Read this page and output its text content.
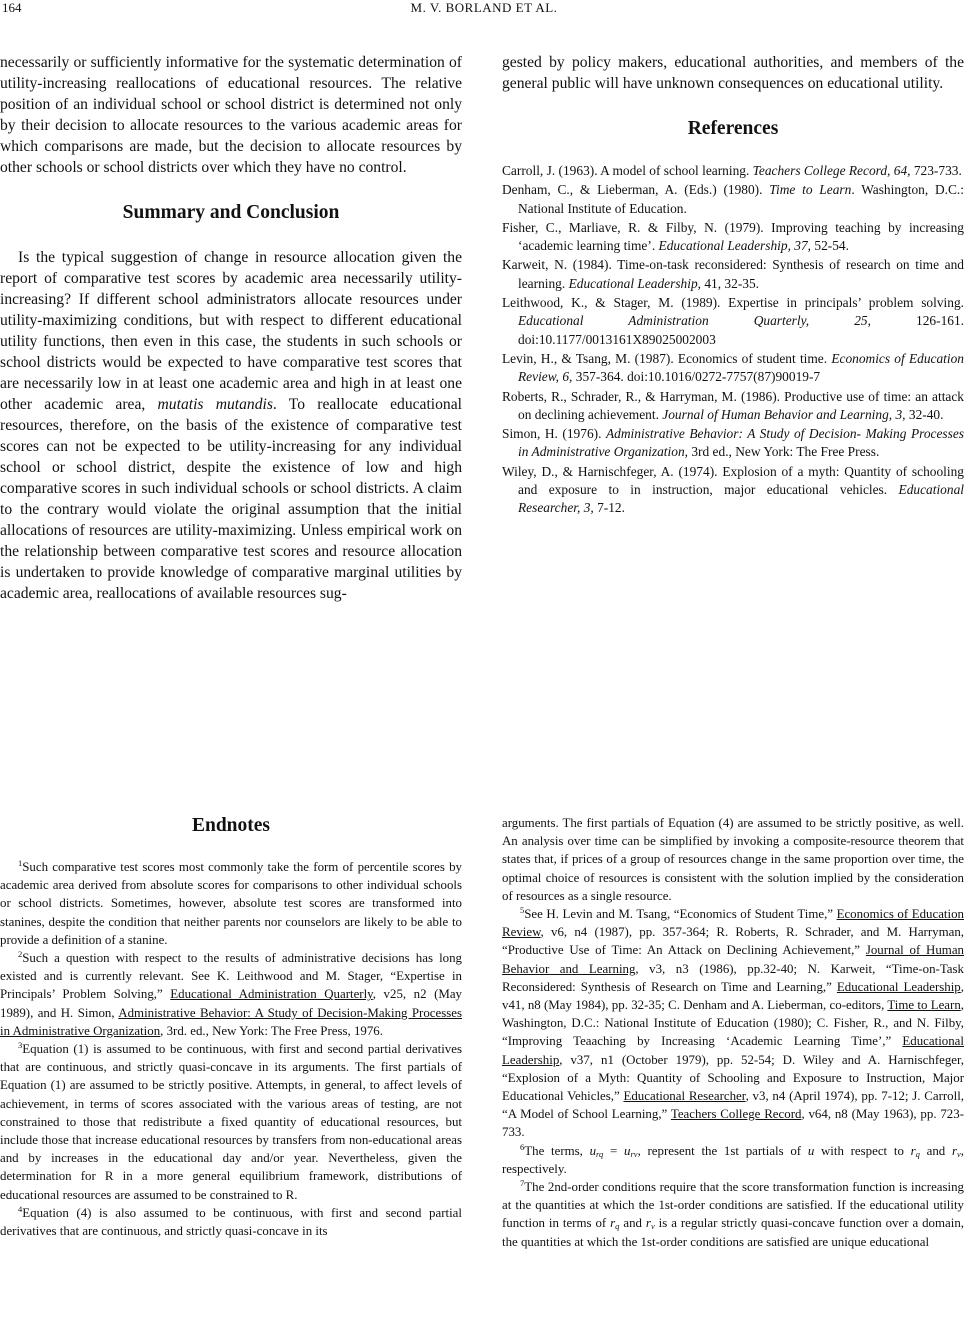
164	M. V. BORLAND ET AL.

necessarily or sufficiently informative for the systematic determination of utility-increasing reallocations of educational resources. The relative position of an individual school or school district is determined not only by their decision to allocate resources to the various academic areas for which comparisons are made, but the decision to allocate resources by other schools or school districts over which they have no control.

Summary and Conclusion

Is the typical suggestion of change in resource allocation given the report of comparative test scores by academic area necessarily utility-increasing? If different school administrators allocate resources under utility-maximizing conditions, but with respect to different educational utility functions, then even in this case, the students in such schools or school districts would be expected to have comparative test scores that are necessarily low in at least one academic area and high in at least one other academic area, mutatis mutandis. To reallocate educational resources, therefore, on the basis of the existence of comparative test scores can not be expected to be utility-increasing for any individual school or school district, despite the existence of low and high comparative scores in such individual schools or school districts. A claim to the contrary would violate the original assumption that the initial allocations of resources are utility-maximizing. Unless empirical work on the relationship between comparative test scores and resource allocation is undertaken to provide knowledge of comparative marginal utilities by academic area, reallocations of available resources sug-

gested by policy makers, educational authorities, and members of the general public will have unknown consequences on educational utility.

References

Carroll, J. (1963). A model of school learning. Teachers College Record, 64, 723-733.

Denham, C., & Lieberman, A. (Eds.) (1980). Time to Learn. Washington, D.C.: National Institute of Education.

Fisher, C., Marliave, R. & Filby, N. (1979). Improving teaching by increasing ‘academic learning time’. Educational Leadership, 37, 52-54.

Karweit, N. (1984). Time-on-task reconsidered: Synthesis of research on time and learning. Educational Leadership, 41, 32-35.

Leithwood, K., & Stager, M. (1989). Expertise in principals’ problem solving. Educational Administration Quarterly, 25, 126-161. doi:10.1177/0013161X89025002003

Levin, H., & Tsang, M. (1987). Economics of student time. Economics of Education Review, 6, 357-364. doi:10.1016/0272-7757(87)90019-7

Roberts, R., Schrader, R., & Harryman, M. (1986). Productive use of time: an attack on declining achievement. Journal of Human Behavior and Learning, 3, 32-40.

Simon, H. (1976). Administrative Behavior: A Study of Decision- Making Processes in Administrative Organization, 3rd ed., New York: The Free Press.

Wiley, D., & Harnischfeger, A. (1974). Explosion of a myth: Quantity of schooling and exposure to in instruction, major educational vehicles. Educational Researcher, 3, 7-12.

Endnotes

$^1$Such comparative test scores most commonly take the form of percentile scores by academic area derived from absolute scores for comparisons to other individual schools or school districts. Sometimes, however, absolute test scores are transformed into stanines, despite the condition that neither parents nor counselors are likely to be able to provide a definition of a stanine.

$^2$Such a question with respect to the results of administrative decisions has long existed and is currently relevant. See K. Leithwood and M. Stager, “Expertise in Principals’ Problem Solving,” Educational Administration Quarterly, v25, n2 (May 1989), and H. Simon, Administrative Behavior: A Study of Decision-Making Processes in Administrative Organization, 3rd. ed., New York: The Free Press, 1976.

$^3$Equation (1) is assumed to be continuous, with first and second partial derivatives that are continuous, and strictly quasi-concave in its arguments. The first partials of Equation (1) are assumed to be strictly positive. Attempts, in general, to affect levels of achievement, in terms of scores associated with the various areas of testing, are not constrained to those that redistribute a fixed quantity of educational resources, but include those that increase educational resources by transfers from non-educational areas and by increases in the educational day and/or year. Nevertheless, given the determination for R in a more general equilibrium framework, distributions of educational resources are assumed to be constrained to R.

$^4$Equation (4) is also assumed to be continuous, with first and second partial derivatives that are continuous, and strictly quasi-concave in its

arguments. The first partials of Equation (4) are assumed to be strictly positive, as well. An analysis over time can be simplified by invoking a composite-resource theorem that states that, if prices of a group of resources change in the same proportion over time, the optimal choice of resources is consistent with the solution implied by the consideration of resources as a single resource.

$^5$See H. Levin and M. Tsang, “Economics of Student Time,” Economics of Education Review, v6, n4 (1987), pp. 357-364; R. Roberts, R. Schrader, and M. Harryman, “Productive Use of Time: An Attack on Declining Achievement,” Journal of Human Behavior and Learning, v3, n3 (1986), pp.32-40; N. Karweit, “Time-on-Task Reconsidered: Synthesis of Research on Time and Learning,” Educational Leadership, v41, n8 (May 1984), pp. 32-35; C. Denham and A. Lieberman, co-editors, Time to Learn, Washington, D.C.: National Institute of Education (1980); C. Fisher, R., and N. Filby, “Improving Teaaching by Increasing ‘Academic Learning Time’,” Educational Leadership, v37, n1 (October 1979), pp. 52-54; D. Wiley and A. Harnischfeger, “Explosion of a Myth: Quantity of Schooling and Exposure to Instruction, Major Educational Vehicles,” Educational Researcher, v3, n4 (April 1974), pp. 7-12; J. Carroll, “A Model of School Learning,” Teachers College Record, v64, n8 (May 1963), pp. 723-733.

$^6$The terms, $u_{rq} = u_{rv}$, represent the 1st partials of u with respect to $r_q$ and $r_v$, respectively.

$^7$The 2nd-order conditions require that the score transformation function is increasing at the quantities at which the 1st-order conditions are satisfied. If the educational utility function in terms of $r_q$ and $r_v$ is a regular strictly quasi-concave function over a domain, the quantities at which the 1st-order conditions are satisfied are unique educational
